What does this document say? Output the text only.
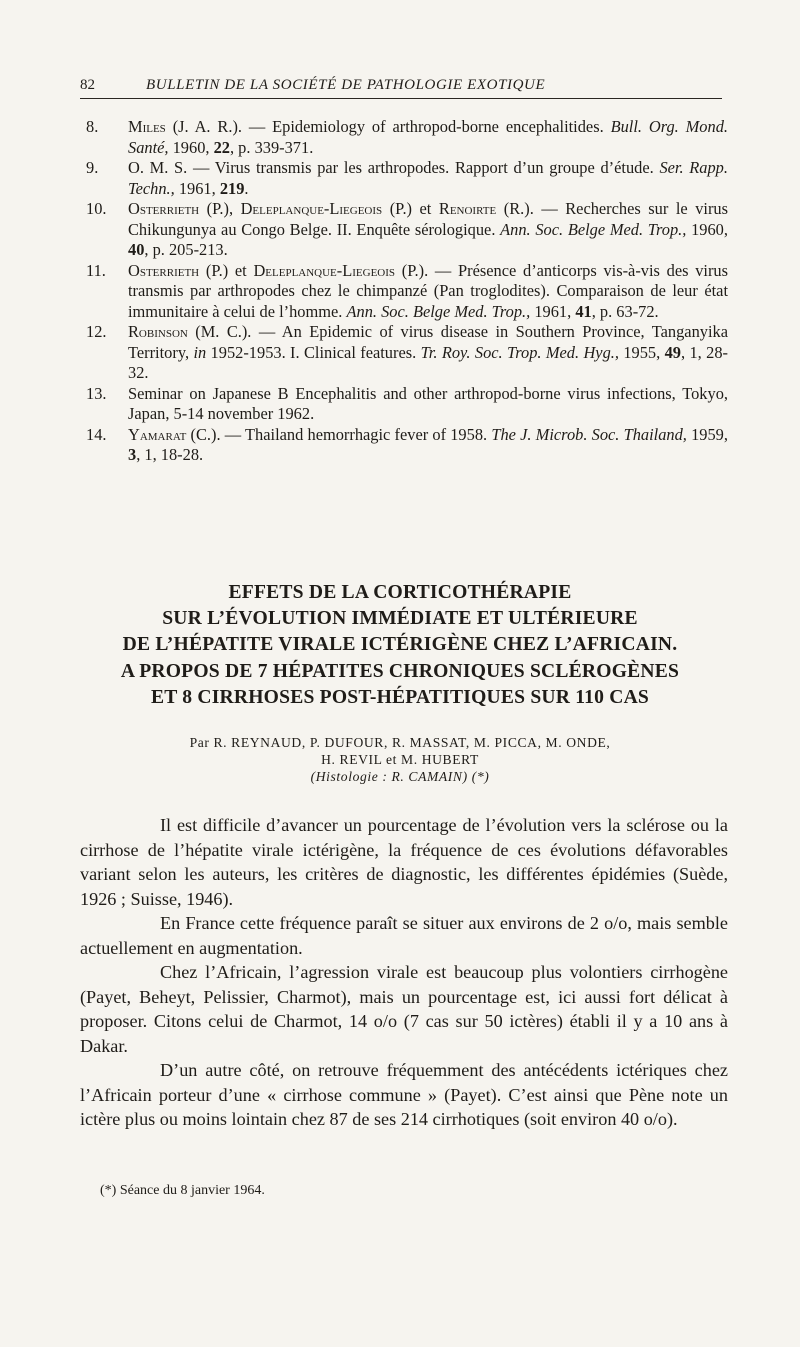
82	BULLETIN DE LA SOCIÉTÉ DE PATHOLOGIE EXOTIQUE

8. Miles (J. A. R.). — Epidemiology of arthropod-borne encephalitides. Bull. Org. Mond. Santé, 1960, 22, p. 339-371.

9. O. M. S. — Virus transmis par les arthropodes. Rapport d’un groupe d’étude. Ser. Rapp. Techn., 1961, 219.

10. Osterrieth (P.), Deleplanque-Liegeois (P.) et Renoirte (R.). — Recherches sur le virus Chikungunya au Congo Belge. II. Enquête sérologique. Ann. Soc. Belge Med. Trop., 1960, 40, p. 205-213.

11. Osterrieth (P.) et Deleplanque-Liegeois (P.). — Présence d’anticorps vis-à-vis des virus transmis par arthropodes chez le chimpanzé (Pan troglodites). Comparaison de leur état immunitaire à celui de l’homme. Ann. Soc. Belge Med. Trop., 1961, 41, p. 63-72.

12. Robinson (M. C.). — An Epidemic of virus disease in Southern Province, Tanganyika Territory, in 1952-1953. I. Clinical features. Tr. Roy. Soc. Trop. Med. Hyg., 1955, 49, 1, 28-32.

13. Seminar on Japanese B Encephalitis and other arthropod-borne virus infections, Tokyo, Japan, 5-14 november 1962.

14. Yamarat (C.). — Thailand hemorrhagic fever of 1958. The J. Microb. Soc. Thailand, 1959, 3, 1, 18-28.

EFFETS DE LA CORTICOTHÉRAPIE
SUR L’ÉVOLUTION IMMÉDIATE ET ULTÉRIEURE
DE L’HÉPATITE VIRALE ICTÉRIGÈNE CHEZ L’AFRICAIN.
A PROPOS DE 7 HÉPATITES CHRONIQUES SCLÉROGÈNES
ET 8 CIRRHOSES POST-HÉPATITIQUES SUR 110 CAS
Par R. REYNAUD, P. DUFOUR, R. MASSAT, M. PICCA, M. ONDE,
H. REVIL et M. HUBERT
(Histologie : R. CAMAIN) (*)

Il est difficile d’avancer un pourcentage de l’évolution vers la sclérose ou la cirrhose de l’hépatite virale ictérigène, la fréquence de ces évolutions défavorables variant selon les auteurs, les critères de diagnostic, les différentes épidémies (Suède, 1926 ; Suisse, 1946).

En France cette fréquence paraît se situer aux environs de 2 o/o, mais semble actuellement en augmentation.

Chez l’Africain, l’agression virale est beaucoup plus volontiers cirrhogène (Payet, Beheyt, Pelissier, Charmot), mais un pourcentage est, ici aussi fort délicat à proposer. Citons celui de Charmot, 14 o/o (7 cas sur 50 ictères) établi il y a 10 ans à Dakar.

D’un autre côté, on retrouve fréquemment des antécédents ictériques chez l’Africain porteur d’une « cirrhose commune » (Payet). C’est ainsi que Pène note un ictère plus ou moins lointain chez 87 de ses 214 cirrhotiques (soit environ 40 o/o).

(*) Séance du 8 janvier 1964.
